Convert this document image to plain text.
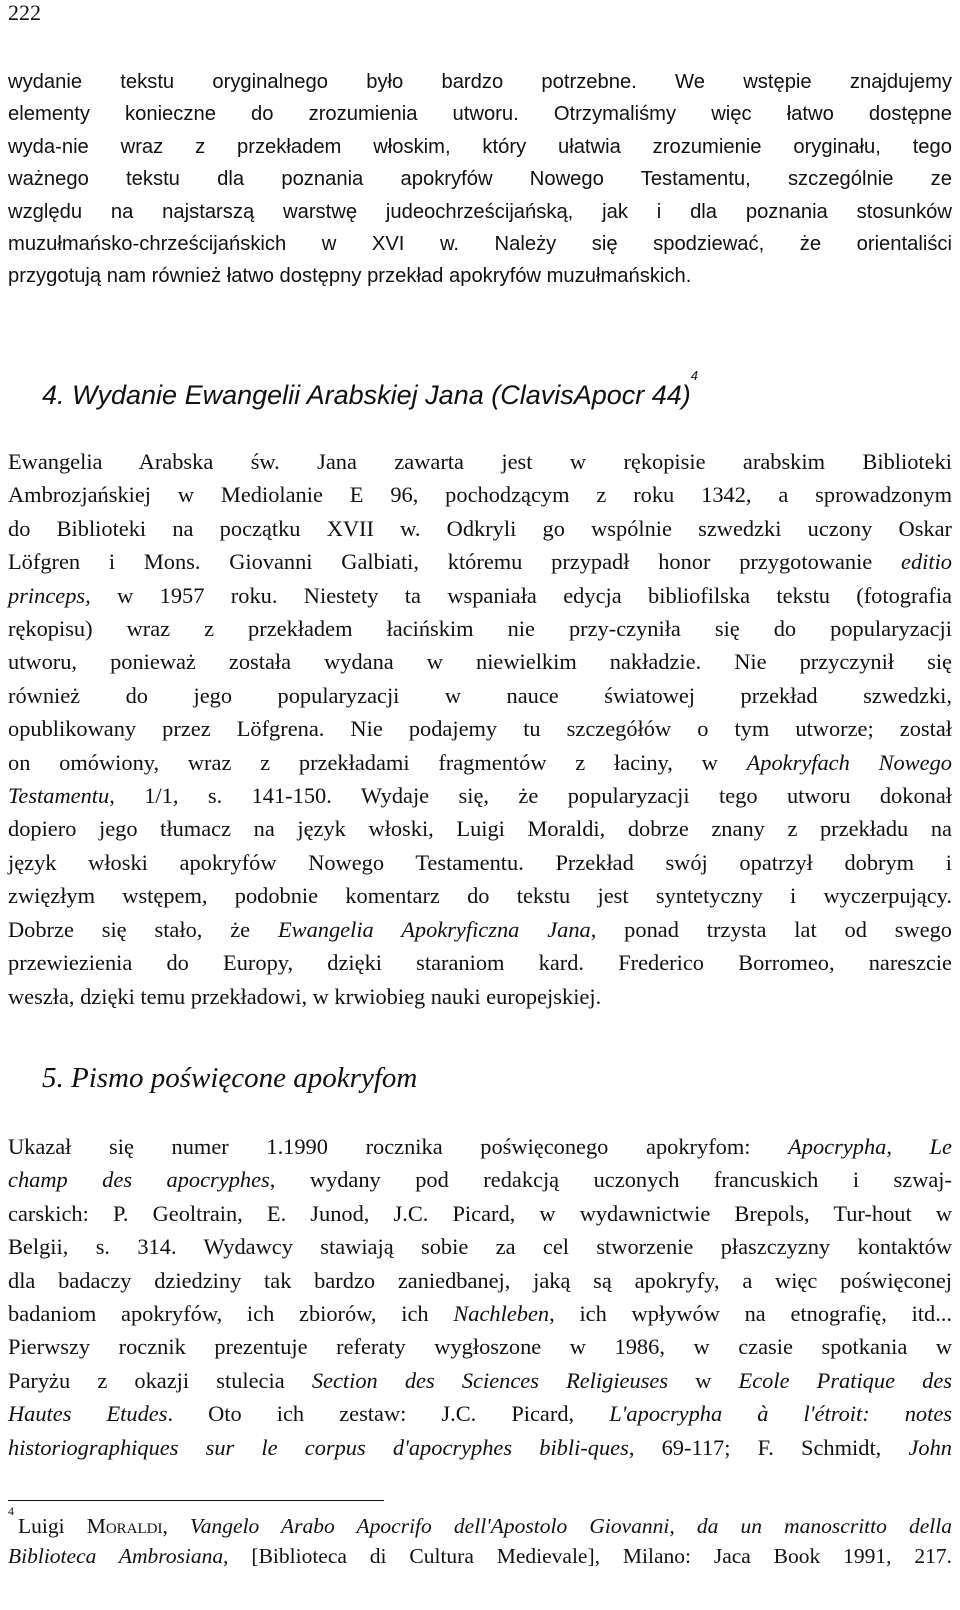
222
wydanie tekstu oryginalnego było bardzo potrzebne. We wstępie znajdujemy
elementy konieczne do zrozumienia utworu. Otrzymaliśmy więc łatwo dostępne
wyda-nie wraz z przekładem włoskim, który ułatwia zrozumienie oryginału, tego
ważnego tekstu dla poznania apokryfów Nowego Testamentu, szczególnie ze
względu na najstarszą warstwę judeochrześcijańską, jak i dla poznania stosunków
muzułmańsko-chrześcijańskich w XVI w. Należy się spodziewać, że orientaliści
przygotują nam również łatwo dostępny przekład apokryfów muzułmańskich.
4. Wydanie Ewangelii Arabskiej Jana (ClavisApocr 44)$^4$
Ewangelia Arabska św. Jana zawarta jest w rękopisie arabskim Biblioteki
Ambrozjańskiej w Mediolanie E 96, pochodzącym z roku 1342, a sprowadzonym
do Biblioteki na początku XVII w. Odkryli go wspólnie szwedzki uczony Oskar
Löfgren i Mons. Giovanni Galbiati, któremu przypadł honor przygotowanie editio
princeps, w 1957 roku. Niestety ta wspaniała edycja bibliofilska tekstu (fotografia
rękopisu) wraz z przekładem łacińskim nie przy-czyniła się do popularyzacji
utworu, ponieważ została wydana w niewielkim nakładzie. Nie przyczynił się
również do jego popularyzacji w nauce światowej przekład szwedzki,
opublikowany przez Löfgrena. Nie podajemy tu szczegółów o tym utworze; został
on omówiony, wraz z przekładami fragmentów z łaciny, w Apokryfach Nowego
Testamentu, 1/1, s. 141-150. Wydaje się, że popularyzacji tego utworu dokonał
dopiero jego tłumacz na język włoski, Luigi Moraldi, dobrze znany z przekładu na
język włoski apokryfów Nowego Testamentu. Przekład swój opatrzył dobrym i
zwięzłym wstępem, podobnie komentarz do tekstu jest syntetyczny i wyczerpujący.
Dobrze się stało, że Ewangelia Apokryficzna Jana, ponad trzysta lat od swego
przewiezienia do Europy, dzięki staraniom kard. Frederico Borromeo, nareszcie
weszła, dzięki temu przekładowi, w krwiobieg nauki europejskiej.
5. Pismo poświęcone apokryfom
Ukazał się numer 1.1990 rocznika poświęconego apokryfom: Apocrypha, Le
champ des apocryphes, wydany pod redakcją uczonych francuskich i szwaj-
carskich: P. Geoltrain, E. Junod, J.C. Picard, w wydawnictwie Brepols, Tur-hout w
Belgii, s. 314. Wydawcy stawiają sobie za cel stworzenie płaszczyzny kontaktów
dla badaczy dziedziny tak bardzo zaniedbanej, jaką są apokryfy, a więc poświęconej
badaniom apokryfów, ich zbiorów, ich Nachleben, ich wpływów na etnografię, itd...
Pierwszy rocznik prezentuje referaty wygłoszone w 1986, w czasie spotkania w
Paryżu z okazji stulecia Section des Sciences Religieuses w Ecole Pratique des
Hautes Etudes. Oto ich zestaw: J.C. Picard, L'apocrypha à l'étroit: notes
historiographiques sur le corpus d'apocryphes bibli-ques, 69-117; F. Schmidt, John
$^4$Luigi Moraldi, Vangelo Arabo Apocrifo dell'Apostolo Giovanni, da un manoscritto della
Biblioteca Ambrosiana, [Biblioteca di Cultura Medievale], Milano: Jaca Book 1991, 217.
